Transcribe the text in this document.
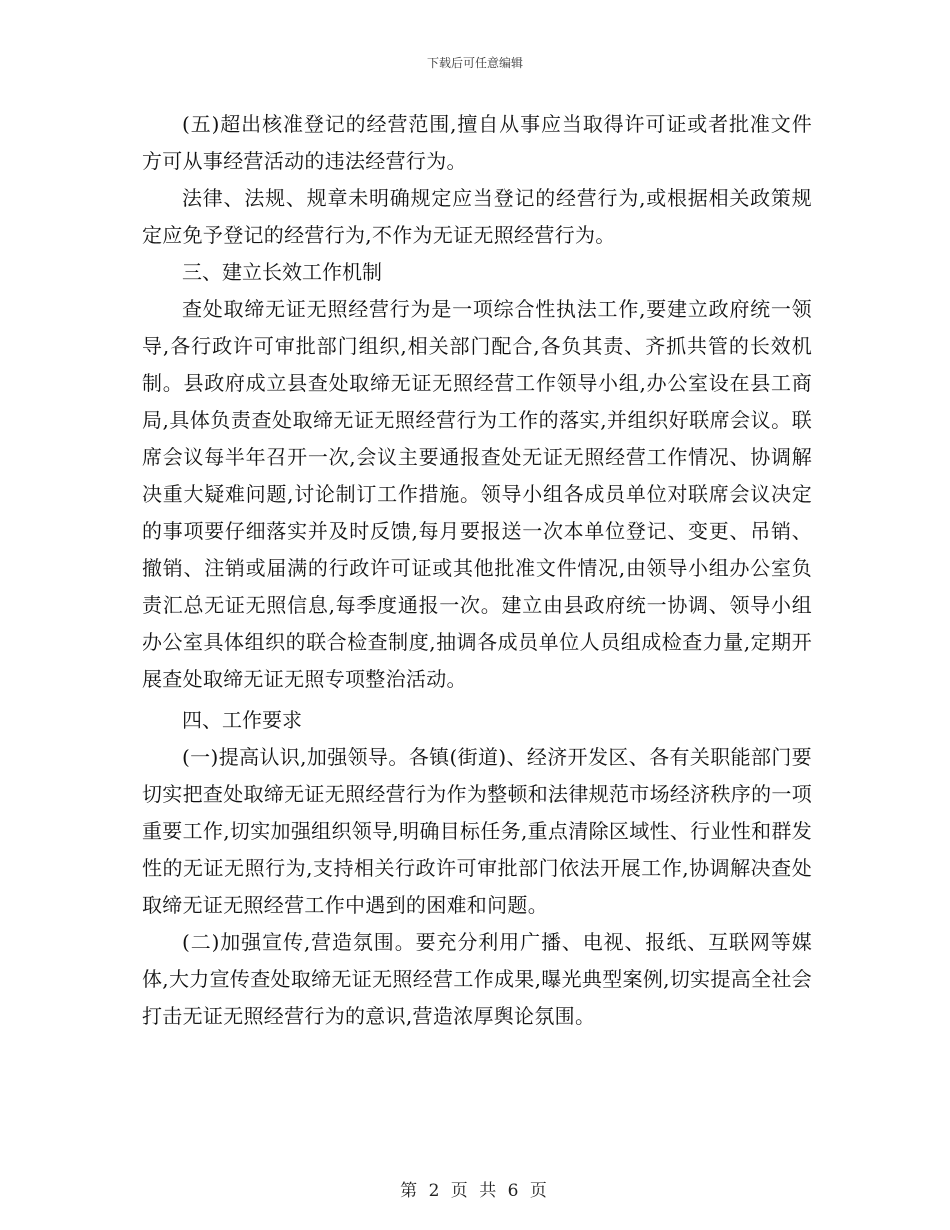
下载后可任意编辑

(五)超出核准登记的经营范围,擅自从事应当取得许可证或者批准文件方可从事经营活动的违法经营行为。

法律、法规、规章未明确规定应当登记的经营行为,或根据相关政策规定应免予登记的经营行为,不作为无证无照经营行为。

三、建立长效工作机制

查处取缔无证无照经营行为是一项综合性执法工作,要建立政府统一领导,各行政许可审批部门组织,相关部门配合,各负其责、齐抓共管的长效机制。县政府成立县查处取缔无证无照经营工作领导小组,办公室设在县工商局,具体负责查处取缔无证无照经营行为工作的落实,并组织好联席会议。联席会议每半年召开一次,会议主要通报查处无证无照经营工作情况、协调解决重大疑难问题,讨论制订工作措施。领导小组各成员单位对联席会议决定的事项要仔细落实并及时反馈,每月要报送一次本单位登记、变更、吊销、撤销、注销或届满的行政许可证或其他批准文件情况,由领导小组办公室负责汇总无证无照信息,每季度通报一次。建立由县政府统一协调、领导小组办公室具体组织的联合检查制度,抽调各成员单位人员组成检查力量,定期开展查处取缔无证无照专项整治活动。

四、工作要求

(一)提高认识,加强领导。各镇(街道)、经济开发区、各有关职能部门要切实把查处取缔无证无照经营行为作为整顿和法律规范市场经济秩序的一项重要工作,切实加强组织领导,明确目标任务,重点清除区域性、行业性和群发性的无证无照行为,支持相关行政许可审批部门依法开展工作,协调解决查处取缔无证无照经营工作中遇到的困难和问题。

(二)加强宣传,营造氛围。要充分利用广播、电视、报纸、互联网等媒体,大力宣传查处取缔无证无照经营工作成果,曝光典型案例,切实提高全社会打击无证无照经营行为的意识,营造浓厚舆论氛围。

第 2 页 共 6 页
